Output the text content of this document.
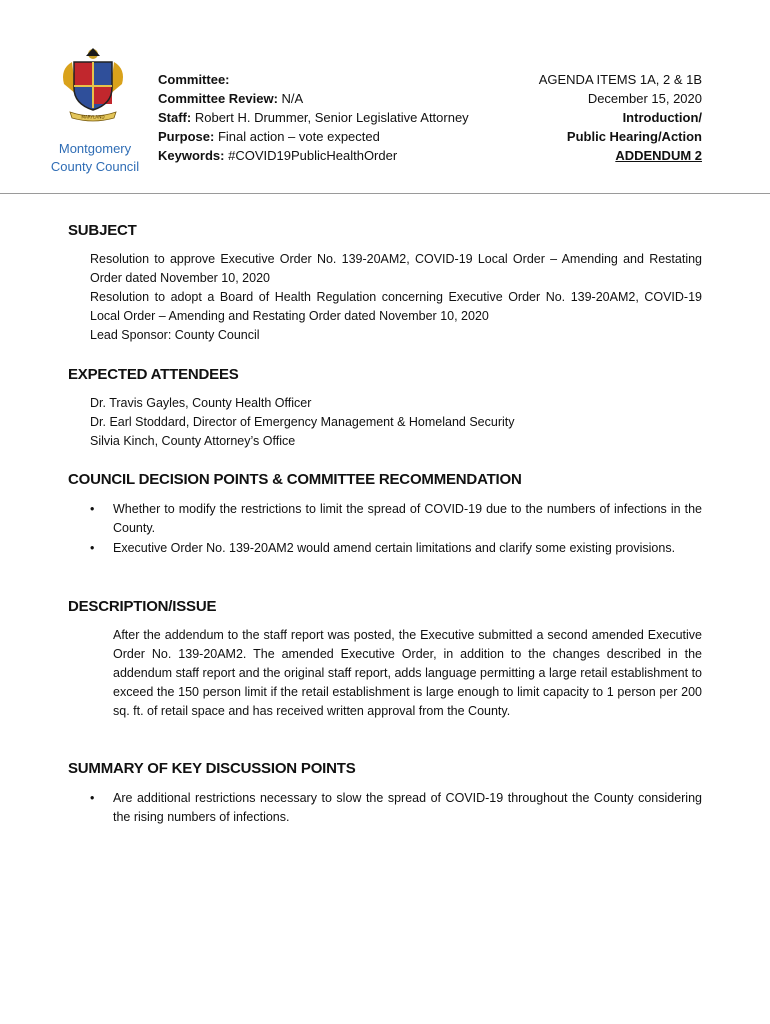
MARYLAND
Montgomery
County Council
Committee:
Committee Review: N/A
Staff: Robert H. Drummer, Senior Legislative Attorney
Purpose: Final action – vote expected
Keywords: #COVID19PublicHealthOrder
AGENDA ITEMS 1A, 2 & 1B
December 15, 2020
Introduction/
Public Hearing/Action
ADDENDUM 2
SUBJECT
Resolution to approve Executive Order No. 139-20AM2, COVID-19 Local Order – Amending and Restating Order dated November 10, 2020
Resolution to adopt a Board of Health Regulation concerning Executive Order No. 139-20AM2, COVID-19 Local Order – Amending and Restating Order dated November 10, 2020
Lead Sponsor: County Council
EXPECTED ATTENDEES
Dr. Travis Gayles, County Health Officer
Dr. Earl Stoddard, Director of Emergency Management & Homeland Security
Silvia Kinch, County Attorney’s Office
COUNCIL DECISION POINTS & COMMITTEE RECOMMENDATION
• Whether to modify the restrictions to limit the spread of COVID-19 due to the numbers of infections in the County.
• Executive Order No. 139-20AM2 would amend certain limitations and clarify some existing provisions.
DESCRIPTION/ISSUE
After the addendum to the staff report was posted, the Executive submitted a second amended Executive Order No. 139-20AM2. The amended Executive Order, in addition to the changes described in the addendum staff report and the original staff report, adds language permitting a large retail establishment to exceed the 150 person limit if the retail establishment is large enough to limit capacity to 1 person per 200 sq. ft. of retail space and has received written approval from the County.
SUMMARY OF KEY DISCUSSION POINTS
• Are additional restrictions necessary to slow the spread of COVID-19 throughout the County considering the rising numbers of infections.
